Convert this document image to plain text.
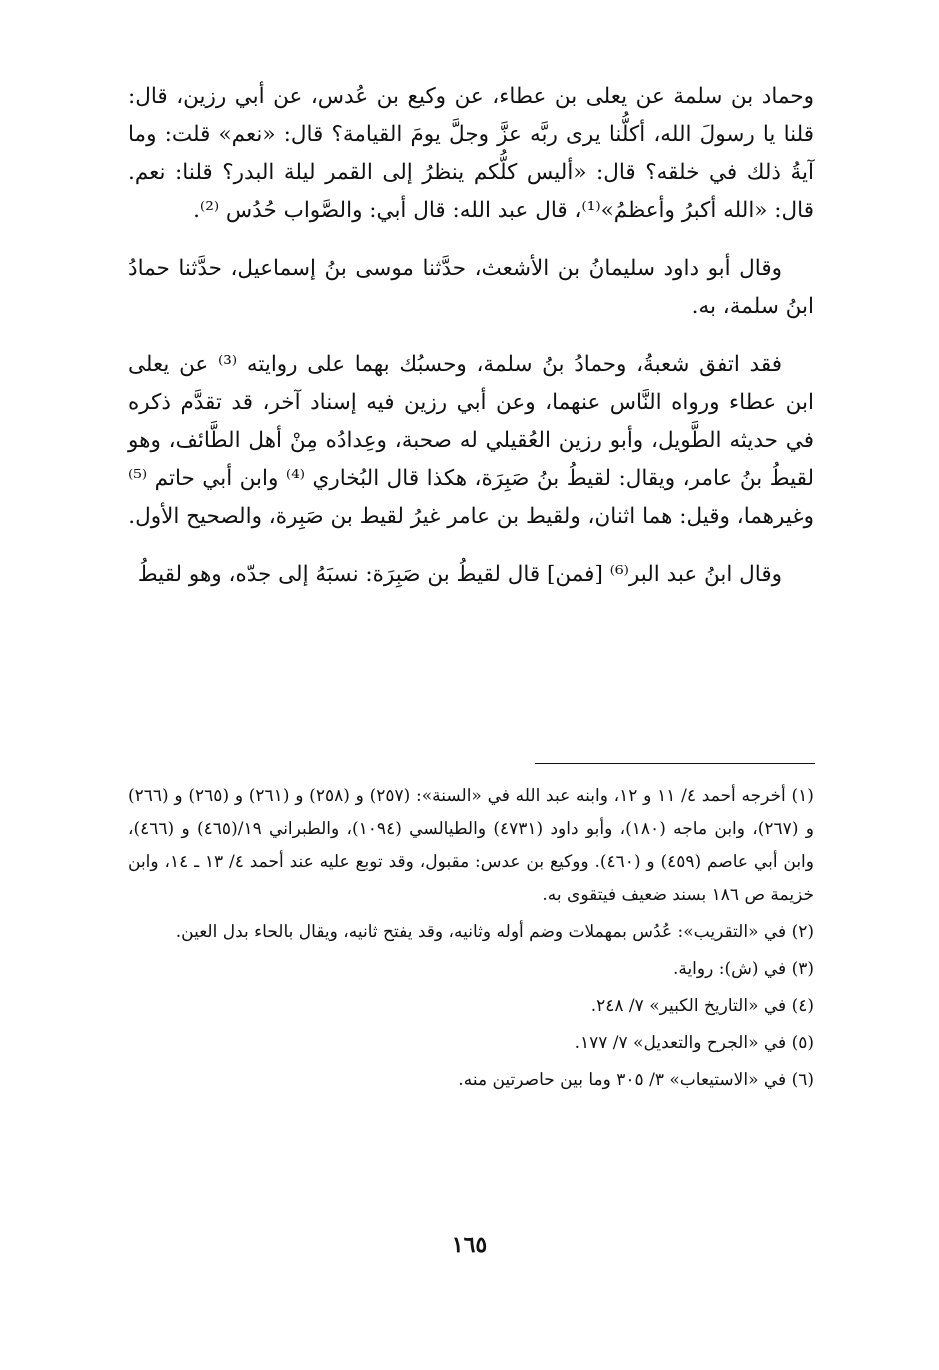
وحماد بن سلمة عن يعلى بن عطاء، عن وكيع بن عُدس، عن أبي رزين، قال: قلنا يا رسولَ الله، أكلُّنا يرى ربَّه عزَّ وجلَّ يومَ القيامة؟ قال: «نعم» قلت: وما آيةُ ذلك في خلقه؟ قال: «أليس كلُّكم ينظرُ إلى القمر ليلة البدر؟ قلنا: نعم. قال: «الله أكبرُ وأعظمُ»⁽¹⁾، قال عبد الله: قال أبي: والصَّواب حُدُس ⁽²⁾.

وقال أبو داود سليمانُ بن الأشعث، حدَّثنا موسى بنُ إسماعيل، حدَّثنا حمادُ ابنُ سلمة، به.

فقد اتفق شعبةُ، وحمادُ بنُ سلمة، وحسبُك بهما على روايته ⁽³⁾ عن يعلى ابن عطاء ورواه النَّاس عنهما، وعن أبي رزين فيه إسناد آخر، قد تقدَّم ذكره في حديثه الطَّويل، وأبو رزين العُقيلي له صحبة، وعِدادُه مِنْ أهل الطَّائف، وهو لقيطُ بنُ عامر، ويقال: لقيطُ بنُ صَبِرَة، هكذا قال البُخاري ⁽⁴⁾ وابن أبي حاتم ⁽⁵⁾ وغيرهما، وقيل: هما اثنان، ولقيط بن عامر غيرُ لقيط بن صَبِرة، والصحيح الأول.

وقال ابنُ عبد البر⁽⁶⁾ [فمن] قال لقيطُ بن صَبِرَة: نسبَهُ إلى جدّه، وهو لقيطُ

(١) أخرجه أحمد ٤/ ١١ و ١٢، وابنه عبد الله في «السنة»: (٢٥٧) و (٢٥٨) و (٢٦١) و (٢٦٥) و (٢٦٦) و (٢٦٧)، وابن ماجه (١٨٠)، وأبو داود (٤٧٣١) والطيالسي (١٠٩٤)، والطبراني ١٩/(٤٦٥) و (٤٦٦)، وابن أبي عاصم (٤٥٩) و (٤٦٠). ووكيع بن عدس: مقبول، وقد توبع عليه عند أحمد ٤/ ١٣ ـ ١٤، وابن خزيمة ص ١٨٦ بسند ضعيف فيتقوى به.
(٢) في «التقريب»: عُدُس بمهملات وضم أوله وثانيه، وقد يفتح ثانيه، ويقال بالحاء بدل العين.
(٣) في (ش): رواية.
(٤) في «التاريخ الكبير» ٧/ ٢٤٨.
(٥) في «الجرح والتعديل» ٧/ ١٧٧.
(٦) في «الاستيعاب» ٣/ ٣٠٥ وما بين حاصرتين منه.
١٦٥
